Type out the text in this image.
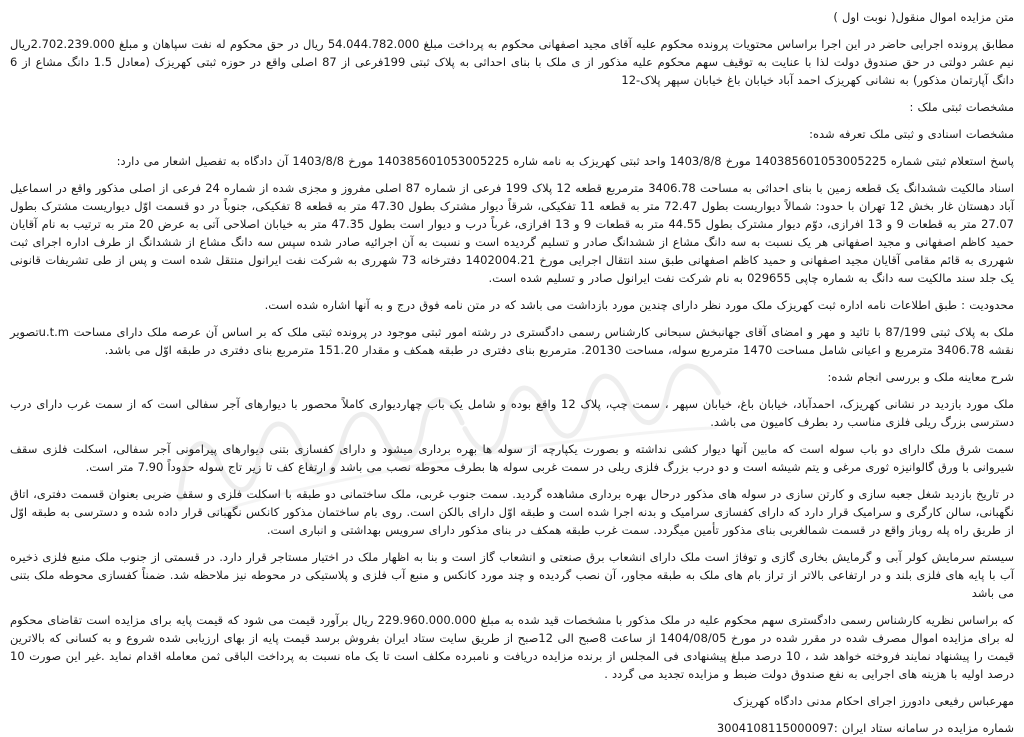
متن مزایده اموال منقول( نوبت اول )

مطابق پرونده اجرایی حاضر در این اجرا براساس محتویات پرونده محکوم علیه آقای مجید اصفهانی محکوم به پرداخت مبلغ 54.044.782.000 ریال در حق محکوم له نفت سپاهان و مبلغ 2.702.239.000ریال نیم عشر دولتی در حق صندوق دولت لذا با عنایت به توقیف سهم محکوم علیه مذکور از ی ملک با بنای احداثی به پلاک ثبتی 199فرعی از 87 اصلی واقع در حوزه ثبتی کهریزک (معادل 1.5 دانگ مشاع از 6 دانگ آپارتمان مذکور) به نشانی کهریزک احمد آباد خیابان باغ خیابان سپهر پلاک-12

مشخصات ثبتی ملک :

مشخصات اسنادی و ثبتی ملک تعرفه شده:

پاسخ استعلام ثبتی شماره 140385601053005225 مورخ 1403/8/8 واحد ثبتی کهریزک به نامه شاره 140385601053005225 مورخ 1403/8/8 آن دادگاه به تفصیل اشعار می دارد:

اسناد مالکیت ششدانگ یک قطعه زمین با بنای احداثی به مساحت 3406.78 مترمربع قطعه 12 پلاک 199 فرعی از شماره 87 اصلی مفروز و مجزی شده از شماره 24 فرعی از اصلی مذکور واقع در اسماعیل آباد دهستان غار بخش 12 تهران با حدود: شمالاً دیواریست بطول 72.47 متر به قطعه 11 تفکیکی، شرقاً دیوار مشترک بطول 47.30 متر به قطعه 8 تفکیکی، جنوباً در دو قسمت اوّل دیواریست مشترک بطول 27.07 متر به قطعات 9 و 13 افرازی، دوّم دیوار مشترک بطول 44.55 متر به قطعات 9 و 13 افرازی، غرباً درب و دیوار است بطول 47.35 متر به خیابان اصلاحی آتی به عرض 20 متر به ترتیب به نام آقایان حمید کاظم اصفهانی و مجید اصفهانی هر یک نسبت به سه دانگ مشاع از ششدانگ صادر و تسلیم گردیده است و نسبت به آن اجرائیه صادر شده سپس سه دانگ مشاع از ششدانگ از طرف اداره اجرای ثبت شهرری به قائم مقامی آقایان مجید اصفهانی و حمید کاظم اصفهانی طبق سند انتقال اجرایی مورخ 1402004.21 دفترخانه 73 شهرری به شرکت نفت ایرانول منتقل شده است و پس از طی تشریفات قانونی یک جلد سند مالکیت سه دانگ به شماره چاپی 029655 به نام شرکت نفت ایرانول صادر و تسلیم شده است.

محدودیت : طبق اطلاعات نامه اداره ثبت کهریزک ملک مورد نظر دارای چندین مورد بازداشت می باشد که در متن نامه فوق درج و به آنها اشاره شده است.

ملک به پلاک ثبتی 87/199 با تائید و مهر و امضای آقای جهانبخش سبحانی کارشناس رسمی دادگستری در رشته امور ثبتی موجود در پرونده ثبتی ملک که بر اساس آن عرصه ملک دارای مساحت u.t.mتصویر نقشه 3406.78 مترمربع و اعیانی شامل مساحت 1470 مترمربع سوله، مساحت 20130. مترمربع بنای دفتری در طبقه همکف و مقدار 151.20 مترمربع بنای دفتری در طبقه اوّل می باشد.

شرح معاینه ملک و بررسی انجام شده:

ملک مورد بازدید در نشانی کهریزک، احمدآباد، خیابان باغ، خیابان سپهر ، سمت چپ، پلاک 12 واقع بوده و شامل یک باب چهاردیواری کاملاً محصور با دیوارهای آجر سفالی است که از سمت غرب دارای درب دسترسی بزرگ ریلی فلزی مناسب رد بطرف کامیون می باشد.

سمت شرق ملک دارای دو باب سوله است که مابین آنها دیوار کشی نداشته و بصورت یکپارچه از سوله ها بهره برداری میشود و دارای کفسازی بتنی دیوارهای پیرامونی آجر سفالی، اسکلت فلزی سقف شیروانی با ورق گالوانیزه ثوری مرغی و یتم شیشه است و دو درب بزرگ فلزی ریلی در سمت غربی سوله ها بطرف محوطه نصب می باشد و ارتفاع کف تا زیر تاج سوله حدوداً 7.90 متر است.

در تاریخ بازدید شغل جعبه سازی و کارتن سازی در سوله های مذکور درحال بهره برداری مشاهده گردید. سمت جنوب غربی، ملک ساختمانی دو طبقه با اسکلت فلزی و سقف ضربی بعنوان قسمت دفتری، اتاق نگهبانی، سالن کارگری و سرامیک قرار دارد که دارای کفسازی سرامیک و بدنه اجرا شده است و طبقه اوّل دارای بالکن است. روی بام ساختمان مذکور کانکس نگهبانی قرار داده شده و دسترسی به طبقه اوّل از طریق راه پله روباز واقع در قسمت شمالغربی بنای مذکور تأمین میگردد. سمت غرب طبقه همکف در بنای مذکور دارای سرویس بهداشتی و انباری است.

سیستم سرمایش کولر آبی و گرمایش بخاری گازی و توفاژ است ملک دارای انشعاب برق صنعتی و انشعاب گاز است و بنا به اظهار ملک در اختیار مستاجر قرار دارد. در قسمتی از جنوب ملک منبع فلزی ذخیره آب با پایه های فلزی بلند و در ارتفاعی بالاتر از تراز بام های ملک به طبقه مجاور، آن نصب گردیده و چند مورد کانکس و منبع آب فلزی و پلاستیکی در محوطه نیز ملاحظه شد. ضمناً کفسازی محوطه ملک بتنی می باشد

که براساس نظریه کارشناس رسمی دادگستری سهم محکوم علیه در ملک مذکور با مشخصات قید شده به مبلغ 229.960.000.000 ریال برآورد قیمت می شود که قیمت پایه برای مزایده است تقاضای محکوم له برای مزایده اموال مصرف شده در مقرر شده در مورخ 1404/08/05 از ساعت 8صبح الی 12صبح از طریق سایت ستاد ایران بفروش برسد قیمت پایه از بهای ارزیابی شده شروع و به کسانی که بالاترین قیمت را پیشنهاد نمایند فروخته خواهد شد ، 10 درصد مبلغ پیشنهادی فی المجلس از برنده مزایده دریافت و نامبرده مکلف است تا یک ماه نسبت به پرداخت الباقی ثمن معامله اقدام نماید .غیر این صورت 10 درصد اولیه با هزینه های اجرایی به نفع صندوق دولت ضبط و مزایده تجدید می گردد .

مهرعباس رفیعی دادورز اجرای احکام مدنی دادگاه کهریزک

شماره مزایده در سامانه ستاد ایران :3004108115000097
